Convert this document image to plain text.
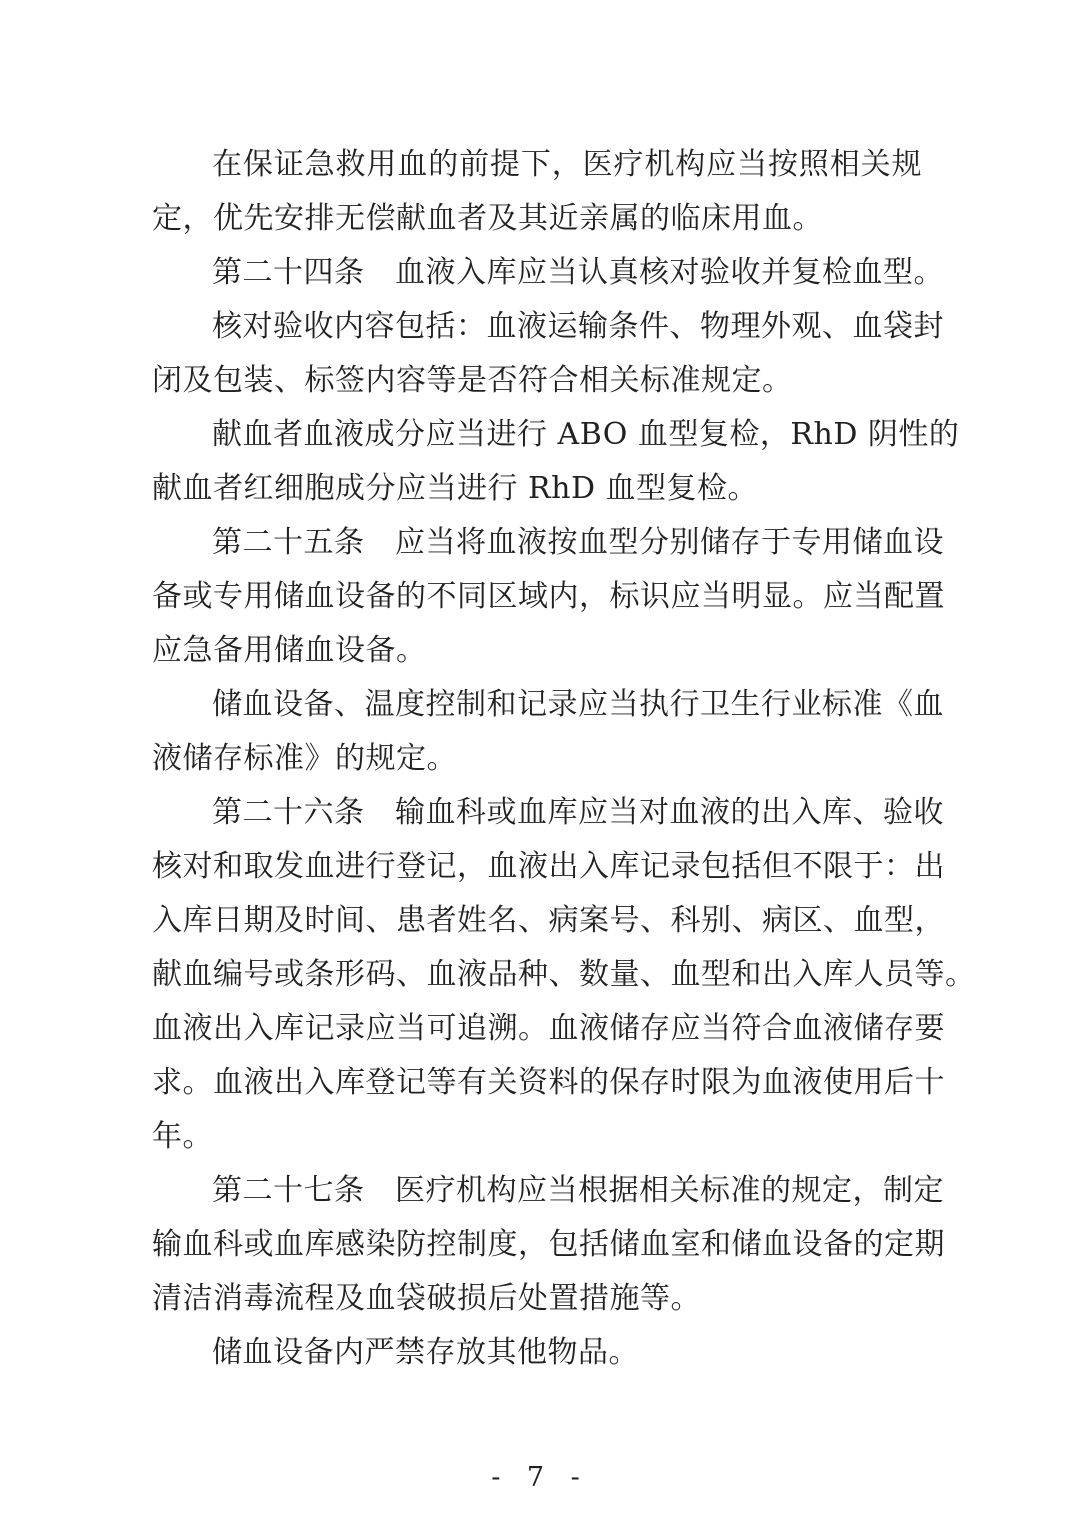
在保证急救用血的前提下，医疗机构应当按照相关规
定，优先安排无偿献血者及其近亲属的临床用血。
第二十四条　血液入库应当认真核对验收并复检血型。
核对验收内容包括：血液运输条件、物理外观、血袋封
闭及包装、标签内容等是否符合相关标准规定。
献血者血液成分应当进行 ABO 血型复检，RhD 阴性的
献血者红细胞成分应当进行 RhD 血型复检。
第二十五条　应当将血液按血型分别储存于专用储血设
备或专用储血设备的不同区域内，标识应当明显。应当配置
应急备用储血设备。
储血设备、温度控制和记录应当执行卫生行业标准《血
液储存标准》的规定。
第二十六条　输血科或血库应当对血液的出入库、验收
核对和取发血进行登记，血液出入库记录包括但不限于：出
入库日期及时间、患者姓名、病案号、科别、病区、血型，
献血编号或条形码、血液品种、数量、血型和出入库人员等。
血液出入库记录应当可追溯。血液储存应当符合血液储存要
求。血液出入库登记等有关资料的保存时限为血液使用后十
年。
第二十七条　医疗机构应当根据相关标准的规定，制定
输血科或血库感染防控制度，包括储血室和储血设备的定期
清洁消毒流程及血袋破损后处置措施等。
储血设备内严禁存放其他物品。
- 7 -
